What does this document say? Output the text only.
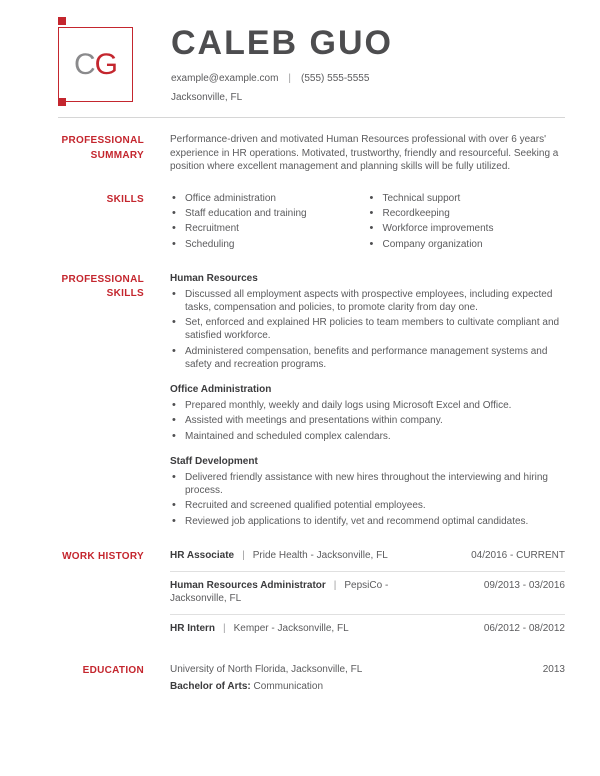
C G
CALEB GUO
example@example.com | (555) 555-5555
Jacksonville, FL
PROFESSIONAL SUMMARY

Performance-driven and motivated Human Resources professional with over 6 years' experience in HR operations. Motivated, trustworthy, friendly and resourceful. Seeking a position where excellent management and planning skills will be fully utilized.

SKILLS	• Office administration
• Staff education and training
• Recruitment
• Scheduling
• Technical support
• Recordkeeping
• Workforce improvements
• Company organization
PROFESSIONAL SKILLS
Human Resources
• Discussed all employment aspects with prospective employees, including expected tasks, compensation and policies, to promote clarity from day one.
• Set, enforced and explained HR policies to team members to cultivate compliant and satisfied workforce.
• Administered compensation, benefits and performance management systems and safety and recreation programs.
Office Administration
• Prepared monthly, weekly and daily logs using Microsoft Excel and Office.
• Assisted with meetings and presentations within company.
• Maintained and scheduled complex calendars.
Staff Development
• Delivered friendly assistance with new hires throughout the interviewing and hiring process.
• Recruited and screened qualified potential employees.
• Reviewed job applications to identify, vet and recommend optimal candidates.
WORK HISTORY	HR Associate | Pride Health - Jacksonville, FL	04/2016 - CURRENT
Human Resources Administrator | PepsiCo - Jacksonville, FL
09/2013 - 03/2016
HR Intern | Kemper - Jacksonville, FL	06/2012 - 08/2012
EDUCATION	University of North Florida, Jacksonville, FL	2013
Bachelor of Arts: Communication
